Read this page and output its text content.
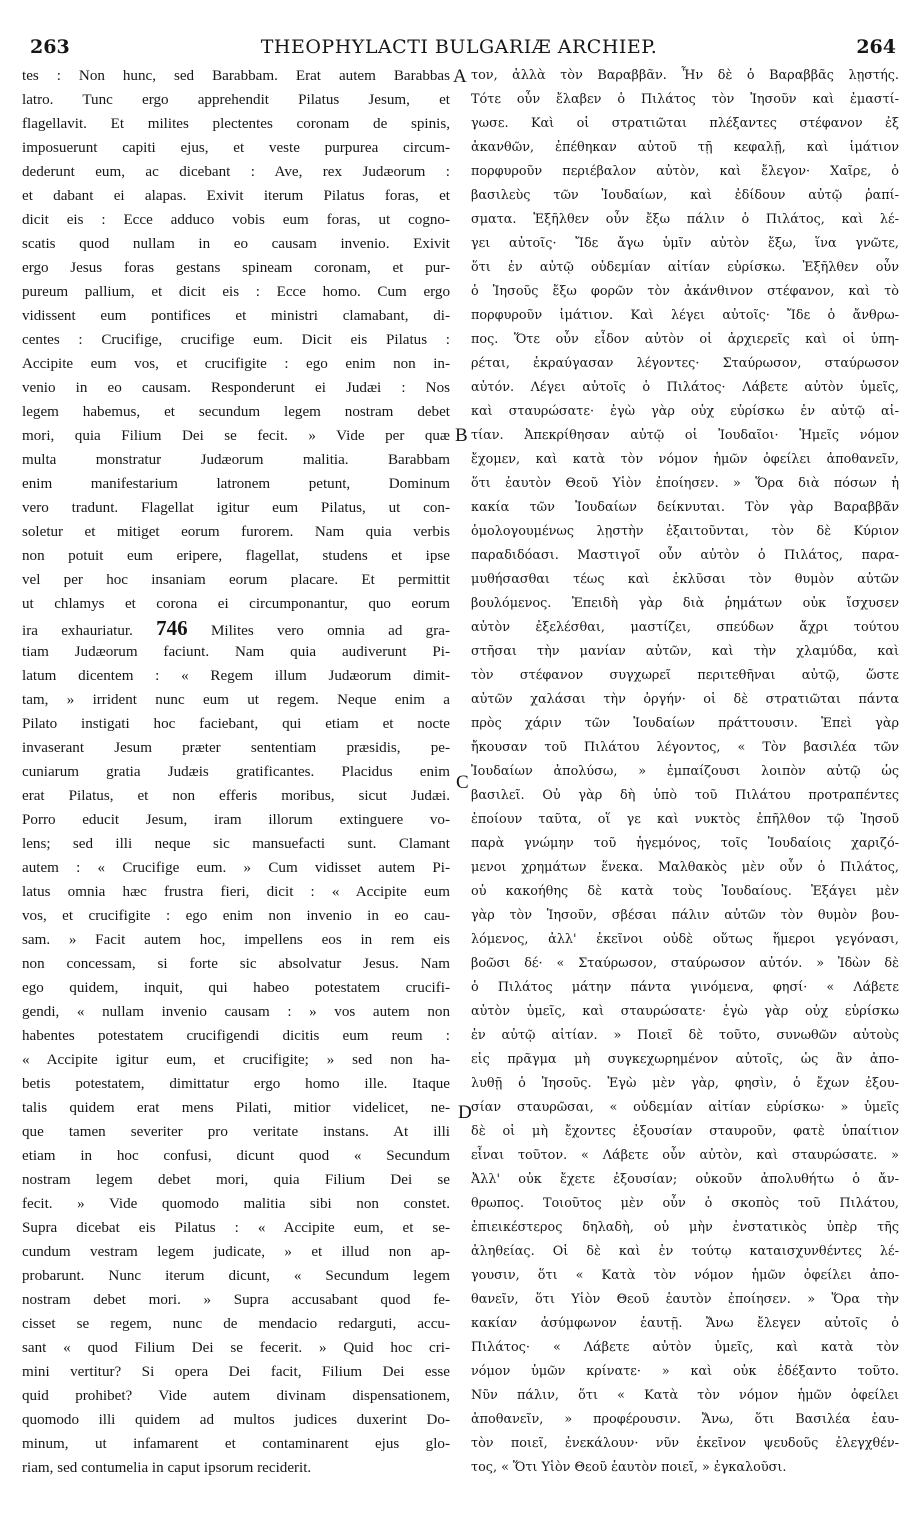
263	THEOPHYLACTI BULGARIÆ ARCHIEP.	264
tes : Non hunc, sed Barabbam. Erat autem Barabbas
latro. Tunc ergo apprehendit Pilatus Jesum, et
flagellavit. Et milites plectentes coronam de spinis,
imposuerunt capiti ejus, et veste purpurea circum-
dederunt eum, ac dicebant : Ave, rex Judæorum :
et dabant ei alapas. Exivit iterum Pilatus foras, et
dicit eis : Ecce adduco vobis eum foras, ut cogno-
scatis quod nullam in eo causam invenio. Exivit
ergo Jesus foras gestans spineam coronam, et pur-
pureum pallium, et dicit eis : Ecce homo. Cum ergo
vidissent eum pontifices et ministri clamabant, di-
centes : Crucifige, crucifige eum. Dicit eis Pilatus :
Accipite eum vos, et crucifigite : ego enim non in-
venio in eo causam. Responderunt ei Judæi : Nos
legem habemus, et secundum legem nostram debet
mori, quia Filium Dei se fecit. » Vide per quæ
multa monstratur Judæorum malitia. Barabbam
enim manifestarium latronem petunt, Dominum
vero tradunt. Flagellat igitur eum Pilatus, ut con-
soletur et mitiget eorum furorem. Nam quia verbis
non potuit eum eripere, flagellat, studens et ipse
vel per hoc insaniam eorum placare. Et permittit
ut chlamys et corona ei circumponantur, quo eorum
ira exhauriatur. 746 Milites vero omnia ad gra-
tiam Judæorum faciunt. Nam quia audiverunt Pi-
latum dicentem : « Regem illum Judæorum dimit-
tam, » irrident nunc eum ut regem. Neque enim a
Pilato instigati hoc faciebant, qui etiam et nocte
invaserant Jesum præter sententiam præsidis, pe-
cuniarum gratia Judæis gratificantes. Placidus enim
erat Pilatus, et non efferis moribus, sicut Judæi.
Porro educit Jesum, iram illorum extinguere vo-
lens; sed illi neque sic mansuefacti sunt. Clamant
autem : « Crucifige eum. » Cum vidisset autem Pi-
latus omnia hæc frustra fieri, dicit : « Accipite eum
vos, et crucifigite : ego enim non invenio in eo cau-
sam. » Facit autem hoc, impellens eos in rem eis
non concessam, si forte sic absolvatur Jesus. Nam
ego quidem, inquit, qui habeo potestatem crucifi-
gendi, « nullam invenio causam : » vos autem non
habentes potestatem crucifigendi dicitis eum reum :
« Accipite igitur eum, et crucifigite; » sed non ha-
betis potestatem, dimittatur ergo homo ille. Itaque
talis quidem erat mens Pilati, mitior videlicet, ne-
que tamen severiter pro veritate instans. At illi
etiam in hoc confusi, dicunt quod « Secundum
nostram legem debet mori, quia Filium Dei se
fecit. » Vide quomodo malitia sibi non constet.
Supra dicebat eis Pilatus : « Accipite eum, et se-
cundum vestram legem judicate, » et illud non ap-
probarunt. Nunc iterum dicunt, « Secundum legem
nostram debet mori. » Supra accusabant quod fe-
cisset se regem, nunc de mendacio redarguti, accu-
sant « quod Filium Dei se fecerit. » Quid hoc cri-
mini vertitur? Si opera Dei facit, Filium Dei esse
quid prohibet? Vide autem divinam dispensationem,
quomodo illi quidem ad multos judices duxerint Do-
minum, ut infamarent et contaminarent ejus glo-
riam, sed contumelia in caput ipsorum reciderit.
τον, ἀλλὰ τὸν Βαραββᾶν. Ἦν δὲ ὁ Βαραββᾶς λῃστής.
Τότε οὖν ἔλαβεν ὁ Πιλάτος τὸν Ἰησοῦν καὶ ἐμαστί-
γωσε. Καὶ οἱ στρατιῶται πλέξαντες στέφανον ἐξ
ἀκανθῶν, ἐπέθηκαν αὐτοῦ τῇ κεφαλῇ, καὶ ἱμάτιον
πορφυροῦν περιέβαλον αὐτὸν, καὶ ἔλεγον· Χαῖρε, ὁ
βασιλεὺς τῶν Ἰουδαίων, καὶ ἐδίδουν αὐτῷ ῥαπί-
σματα. Ἐξῆλθεν οὖν ἔξω πάλιν ὁ Πιλάτος, καὶ λέ-
γει αὐτοῖς· Ἴδε ἄγω ὑμῖν αὐτὸν ἔξω, ἵνα γνῶτε,
ὅτι ἐν αὐτῷ οὐδεμίαν αἰτίαν εὑρίσκω. Ἐξῆλθεν οὖν
ὁ Ἰησοῦς ἔξω φορῶν τὸν ἀκάνθινον στέφανον, καὶ τὸ
πορφυροῦν ἱμάτιον. Καὶ λέγει αὐτοῖς· Ἴδε ὁ ἄνθρω-
πος. Ὅτε οὖν εἶδον αὐτὸν οἱ ἀρχιερεῖς καὶ οἱ ὑπη-
ρέται, ἐκραύγασαν λέγοντες· Σταύρωσον, σταύρωσον
αὐτόν. Λέγει αὐτοῖς ὁ Πιλάτος· Λάβετε αὐτὸν ὑμεῖς,
καὶ σταυρώσατε· ἐγὼ γὰρ οὐχ εὑρίσκω ἐν αὐτῷ αἰ-
τίαν. Ἀπεκρίθησαν αὐτῷ οἱ Ἰουδαῖοι· Ἡμεῖς νόμον
ἔχομεν, καὶ κατὰ τὸν νόμον ἡμῶν ὀφείλει ἀποθανεῖν,
ὅτι ἑαυτὸν Θεοῦ Υἱὸν ἐποίησεν. » Ὅρα διὰ πόσων ἡ
κακία τῶν Ἰουδαίων δείκνυται. Τὸν γὰρ Βαραββᾶν
ὁμολογουμένως λῃστὴν ἐξαιτοῦνται, τὸν δὲ Κύριον
παραδιδόασι. Μαστιγοῖ οὖν αὐτὸν ὁ Πιλάτος, παρα-
μυθήσασθαι τέως καὶ ἐκλῦσαι τὸν θυμὸν αὐτῶν
βουλόμενος. Ἐπειδὴ γὰρ διὰ ῥημάτων οὐκ ἴσχυσεν
αὐτὸν ἐξελέσθαι, μαστίζει, σπεύδων ἄχρι τούτου
στῆσαι τὴν μανίαν αὐτῶν, καὶ τὴν χλαμύδα, καὶ
τὸν στέφανον συγχωρεῖ περιτεθῆναι αὐτῷ, ὥστε
αὐτῶν χαλάσαι τὴν ὀργήν· οἱ δὲ στρατιῶται πάντα
πρὸς χάριν τῶν Ἰουδαίων πράττουσιν. Ἐπεὶ γὰρ
ἤκουσαν τοῦ Πιλάτου λέγοντος, « Τὸν βασιλέα τῶν
Ἰουδαίων ἀπολύσω, » ἐμπαίζουσι λοιπὸν αὐτῷ ὡς
βασιλεῖ. Οὐ γὰρ δὴ ὑπὸ τοῦ Πιλάτου προτραπέντες
ἐποίουν ταῦτα, οἵ γε καὶ νυκτὸς ἐπῆλθον τῷ Ἰησοῦ
παρὰ γνώμην τοῦ ἡγεμόνος, τοῖς Ἰουδαίοις χαριζό-
μενοι χρημάτων ἕνεκα. Μαλθακὸς μὲν οὖν ὁ Πιλάτος,
οὐ κακοήθης δὲ κατὰ τοὺς Ἰουδαίους. Ἐξάγει μὲν
γὰρ τὸν Ἰησοῦν, σβέσαι πάλιν αὐτῶν τὸν θυμὸν βου-
λόμενος, ἀλλ' ἐκεῖνοι οὐδὲ οὕτως ἥμεροι γεγόνασι,
βοῶσι δέ· « Σταύρωσον, σταύρωσον αὐτόν. » Ἰδὼν δὲ
ὁ Πιλάτος μάτην πάντα γινόμενα, φησί· « Λάβετε
αὐτὸν ὑμεῖς, καὶ σταυρώσατε· ἐγὼ γὰρ οὐχ εὑρίσκω
ἐν αὐτῷ αἰτίαν. » Ποιεῖ δὲ τοῦτο, συνωθῶν αὐτοὺς
εἰς πρᾶγμα μὴ συγκεχωρημένον αὐτοῖς, ὡς ἂν ἀπο-
λυθῇ ὁ Ἰησοῦς. Ἐγὼ μὲν γὰρ, φησὶν, ὁ ἔχων ἐξου-
σίαν σταυρῶσαι, « οὐδεμίαν αἰτίαν εὑρίσκω· » ὑμεῖς
δὲ οἱ μὴ ἔχοντες ἐξουσίαν σταυροῦν, φατὲ ὑπαίτιον
εἶναι τοῦτον. « Λάβετε οὖν αὐτὸν, καὶ σταυρώσατε. »
Ἀλλ' οὐκ ἔχετε ἐξουσίαν; οὐκοῦν ἀπολυθήτω ὁ ἄν-
θρωπος. Τοιοῦτος μὲν οὖν ὁ σκοπὸς τοῦ Πιλάτου,
ἐπιεικέστερος δηλαδὴ, οὐ μὴν ἐνστατικὸς ὑπὲρ τῆς
ἀληθείας. Οἱ δὲ καὶ ἐν τούτῳ καταισχυνθέντες λέ-
γουσιν, ὅτι « Κατὰ τὸν νόμον ἡμῶν ὀφείλει ἀπο-
θανεῖν, ὅτι Υἱὸν Θεοῦ ἑαυτὸν ἐποίησεν. » Ὅρα τὴν
κακίαν ἀσύμφωνον ἑαυτῇ. Ἄνω ἔλεγεν αὐτοῖς ὁ
Πιλάτος· « Λάβετε αὐτὸν ὑμεῖς, καὶ κατὰ τὸν
νόμον ὑμῶν κρίνατε· » καὶ οὐκ ἐδέξαντο τοῦτο.
Νῦν πάλιν, ὅτι « Κατὰ τὸν νόμον ἡμῶν ὀφείλει
ἀποθανεῖν, » προφέρουσιν. Ἄνω, ὅτι Βασιλέα ἑαυ-
τὸν ποιεῖ, ἐνεκάλουν· νῦν ἐκεῖνον ψευδοῦς ἐλεγχθέν-
τος, « Ὅτι Υἱὸν Θεοῦ ἑαυτὸν ποιεῖ, » ἐγκαλοῦσι.
A
B
C
D
